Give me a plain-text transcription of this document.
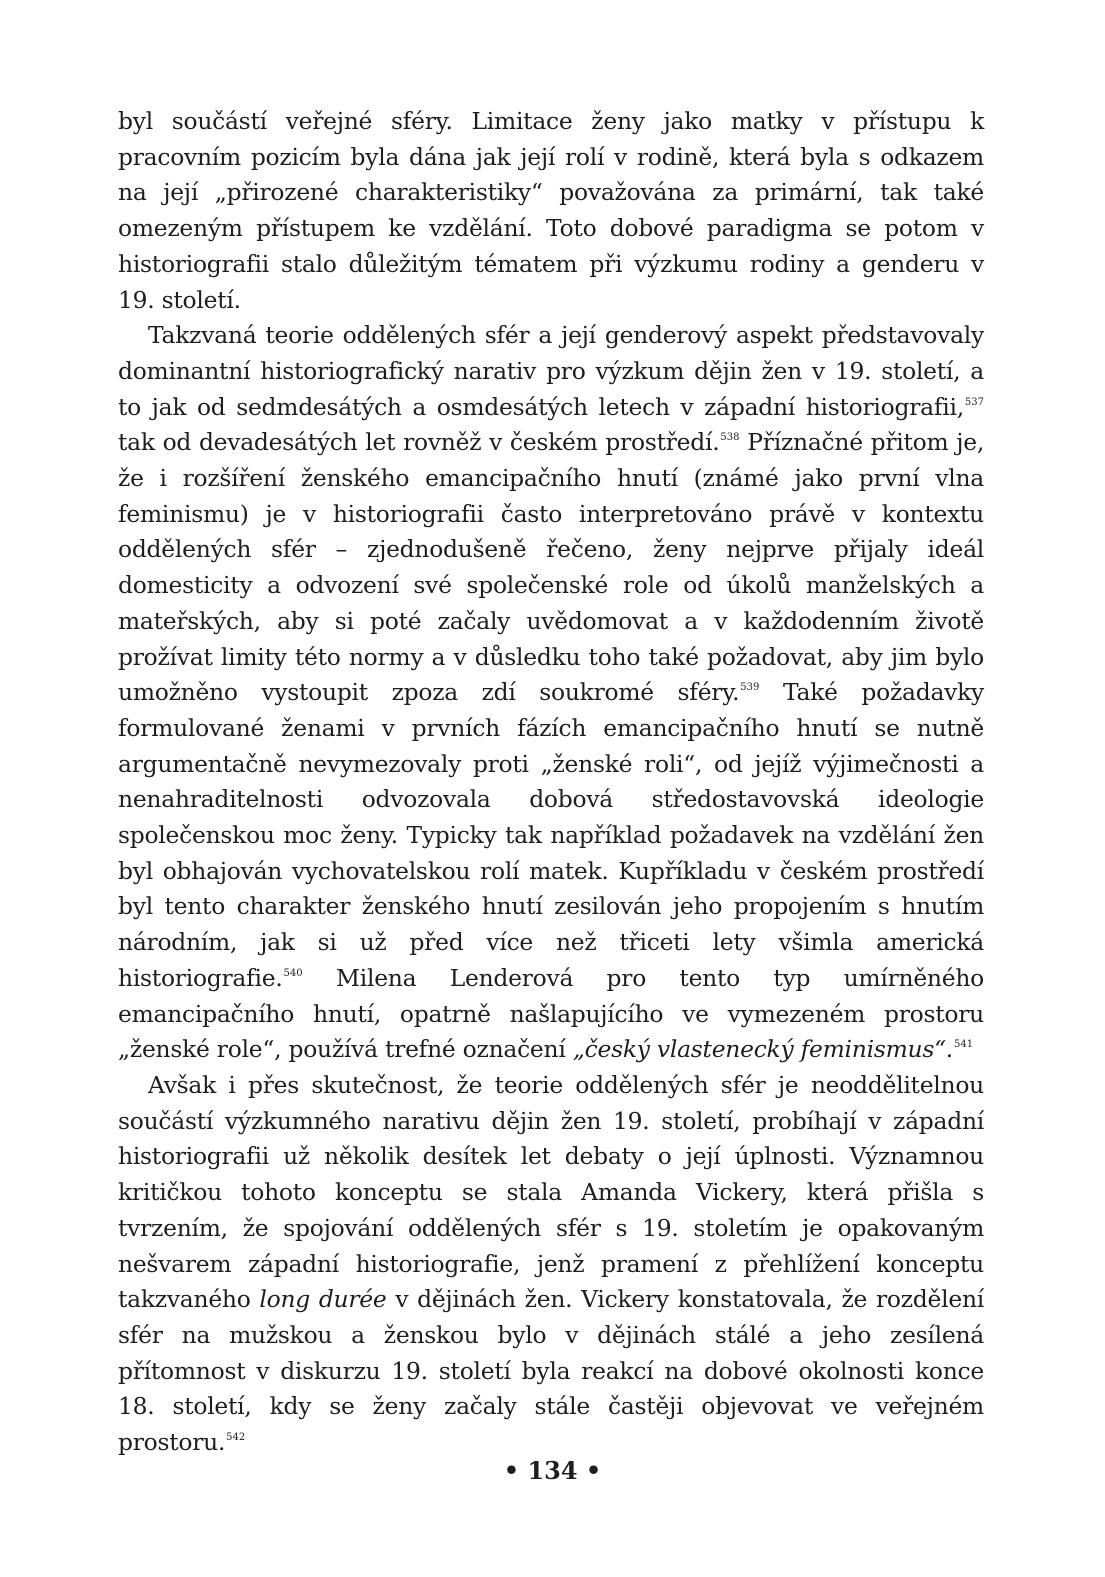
byl součástí veřejné sféry. Limitace ženy jako matky v přístupu k pracovním pozicím byla dána jak její rolí v rodině, která byla s odkazem na její „přirozené charakteristiky“ považována za primární, tak také omezeným přístupem ke vzdělání. Toto dobové paradigma se potom v historiografii stalo důležitým tématem při výzkumu rodiny a genderu v 19. století.

Takzvaná teorie oddělených sfér a její genderový aspekt představovaly dominantní historiografický narativ pro výzkum dějin žen v 19. století, a to jak od sedmdesátých a osmdesátých letech v západní historiografii,$^{537}$ tak od devadesátých let rovněž v českém prostředí.$^{538}$ Příznačné přitom je, že i rozšíření ženského emancipačního hnutí (známé jako první vlna feminismu) je v historiografii často interpretováno právě v kontextu oddělených sfér – zjednodušeně řečeno, ženy nejprve přijaly ideál domesticity a odvození své společenské role od úkolů manželských a mateřských, aby si poté začaly uvědomovat a v každodenním životě prožívat limity této normy a v důsledku toho také požadovat, aby jim bylo umožněno vystoupit zpoza zdí soukromé sféry.$^{539}$ Také požadavky formulované ženami v prvních fázích emancipačního hnutí se nutně argumentačně nevymezovaly proti „ženské roli“, od jejíž výjimečnosti a nenahraditelnosti odvozovala dobová středostavovská ideologie společenskou moc ženy. Typicky tak například požadavek na vzdělání žen byl obhajován vychovatelskou rolí matek. Kupříkladu v českém prostředí byl tento charakter ženského hnutí zesilován jeho propojením s hnutím národním, jak si už před více než třiceti lety všimla americká historiografie.$^{540}$ Milena Lenderová pro tento typ umírněného emancipačního hnutí, opatrně našlapujícího ve vymezeném prostoru „ženské role“, používá trefné označení „český vlastenecký feminismus“.$^{541}$

Avšak i přes skutečnost, že teorie oddělených sfér je neoddělitelnou součástí výzkumného narativu dějin žen 19. století, probíhají v západní historiografii už několik desítek let debaty o její úplnosti. Významnou kritičkou tohoto konceptu se stala Amanda Vickery, která přišla s tvrzením, že spojování oddělených sfér s 19. stoletím je opakovaným nešvarem západní historiografie, jenž pramení z přehlížení konceptu takzvaného long durée v dějinách žen. Vickery konstatovala, že rozdělení sfér na mužskou a ženskou bylo v dějinách stálé a jeho zesílená přítomnost v diskurzu 19. století byla reakcí na dobové okolnosti konce 18. století, kdy se ženy začaly stále častěji objevovat ve veřejném prostoru.$^{542}$

• 134 •
